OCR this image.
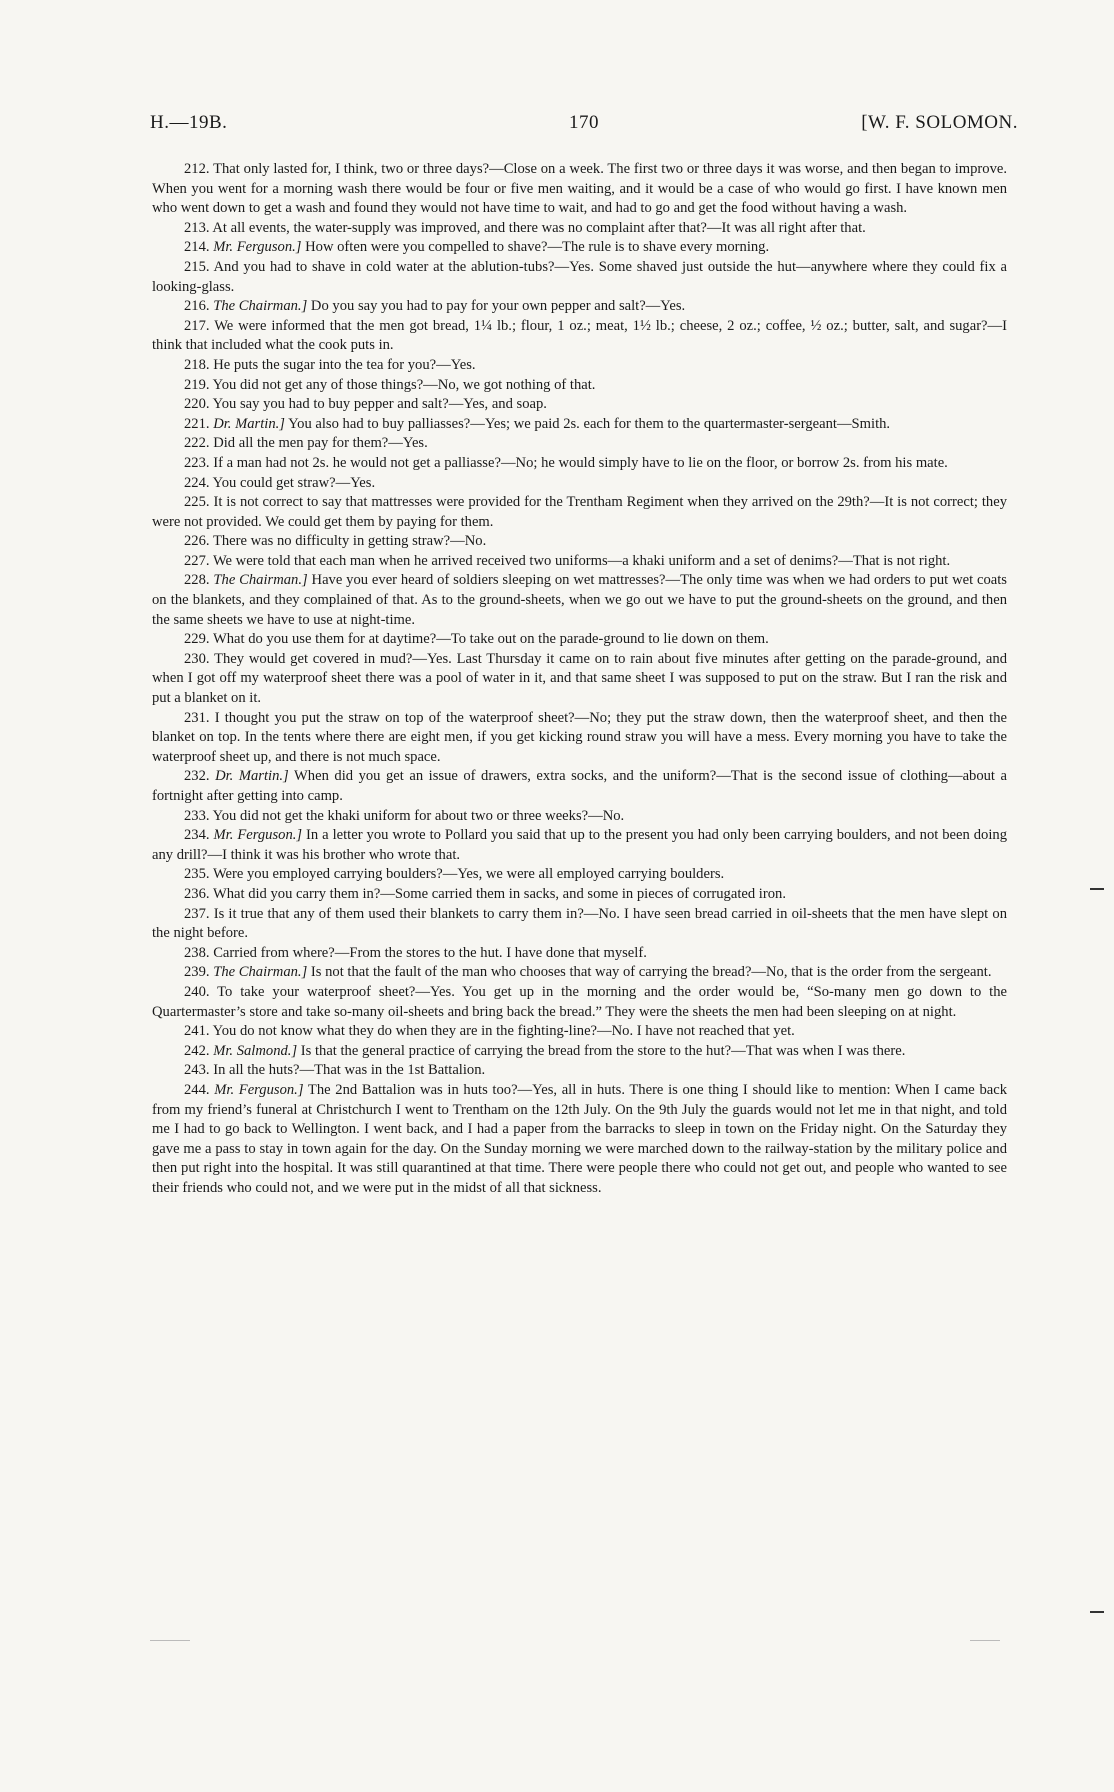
H.—19B.	170	[W. F. SOLOMON.

212. That only lasted for, I think, two or three days?—Close on a week. The first two or three days it was worse, and then began to improve. When you went for a morning wash there would be four or five men waiting, and it would be a case of who would go first. I have known men who went down to get a wash and found they would not have time to wait, and had to go and get the food without having a wash.

213. At all events, the water-supply was improved, and there was no complaint after that?—It was all right after that.

214. Mr. Ferguson.] How often were you compelled to shave?—The rule is to shave every morning.

215. And you had to shave in cold water at the ablution-tubs?—Yes. Some shaved just outside the hut—anywhere where they could fix a looking-glass.

216. The Chairman.] Do you say you had to pay for your own pepper and salt?—Yes.

217. We were informed that the men got bread, 1¼ lb.; flour, 1 oz.; meat, 1½ lb.; cheese, 2 oz.; coffee, ½ oz.; butter, salt, and sugar?—I think that included what the cook puts in.

218. He puts the sugar into the tea for you?—Yes.

219. You did not get any of those things?—No, we got nothing of that.

220. You say you had to buy pepper and salt?—Yes, and soap.

221. Dr. Martin.] You also had to buy palliasses?—Yes; we paid 2s. each for them to the quartermaster-sergeant—Smith.

222. Did all the men pay for them?—Yes.

223. If a man had not 2s. he would not get a palliasse?—No; he would simply have to lie on the floor, or borrow 2s. from his mate.

224. You could get straw?—Yes.

225. It is not correct to say that mattresses were provided for the Trentham Regiment when they arrived on the 29th?—It is not correct; they were not provided. We could get them by paying for them.

226. There was no difficulty in getting straw?—No.

227. We were told that each man when he arrived received two uniforms—a khaki uniform and a set of denims?—That is not right.

228. The Chairman.] Have you ever heard of soldiers sleeping on wet mattresses?—The only time was when we had orders to put wet coats on the blankets, and they complained of that. As to the ground-sheets, when we go out we have to put the ground-sheets on the ground, and then the same sheets we have to use at night-time.

229. What do you use them for at daytime?—To take out on the parade-ground to lie down on them.

230. They would get covered in mud?—Yes. Last Thursday it came on to rain about five minutes after getting on the parade-ground, and when I got off my waterproof sheet there was a pool of water in it, and that same sheet I was supposed to put on the straw. But I ran the risk and put a blanket on it.

231. I thought you put the straw on top of the waterproof sheet?—No; they put the straw down, then the waterproof sheet, and then the blanket on top. In the tents where there are eight men, if you get kicking round straw you will have a mess. Every morning you have to take the waterproof sheet up, and there is not much space.

232. Dr. Martin.] When did you get an issue of drawers, extra socks, and the uniform?—That is the second issue of clothing—about a fortnight after getting into camp.

233. You did not get the khaki uniform for about two or three weeks?—No.

234. Mr. Ferguson.] In a letter you wrote to Pollard you said that up to the present you had only been carrying boulders, and not been doing any drill?—I think it was his brother who wrote that.

235. Were you employed carrying boulders?—Yes, we were all employed carrying boulders.

236. What did you carry them in?—Some carried them in sacks, and some in pieces of corrugated iron.

237. Is it true that any of them used their blankets to carry them in?—No. I have seen bread carried in oil-sheets that the men have slept on the night before.

238. Carried from where?—From the stores to the hut. I have done that myself.

239. The Chairman.] Is not that the fault of the man who chooses that way of carrying the bread?—No, that is the order from the sergeant.

240. To take your waterproof sheet?—Yes. You get up in the morning and the order would be, “So-many men go down to the Quartermaster’s store and take so-many oil-sheets and bring back the bread.” They were the sheets the men had been sleeping on at night.

241. You do not know what they do when they are in the fighting-line?—No. I have not reached that yet.

242. Mr. Salmond.] Is that the general practice of carrying the bread from the store to the hut?—That was when I was there.

243. In all the huts?—That was in the 1st Battalion.

244. Mr. Ferguson.] The 2nd Battalion was in huts too?—Yes, all in huts. There is one thing I should like to mention: When I came back from my friend’s funeral at Christchurch I went to Trentham on the 12th July. On the 9th July the guards would not let me in that night, and told me I had to go back to Wellington. I went back, and I had a paper from the barracks to sleep in town on the Friday night. On the Saturday they gave me a pass to stay in town again for the day. On the Sunday morning we were marched down to the railway-station by the military police and then put right into the hospital. It was still quarantined at that time. There were people there who could not get out, and people who wanted to see their friends who could not, and we were put in the midst of all that sickness.
